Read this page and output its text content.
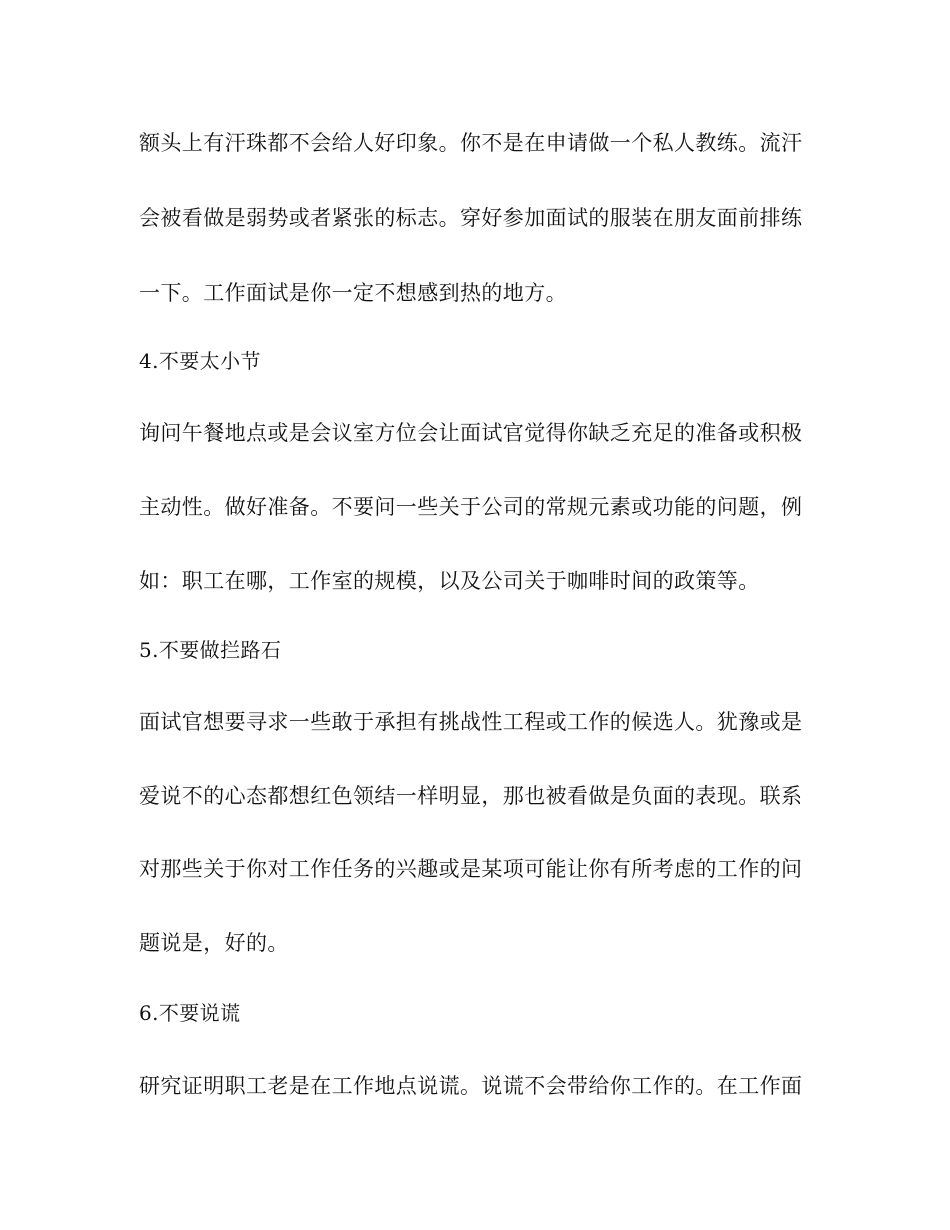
额头上有汗珠都不会给人好印象。你不是在申请做一个私人教练。流汗
会被看做是弱势或者紧张的标志。穿好参加面试的服装在朋友面前排练
一下。工作面试是你一定不想感到热的地方。
4.不要太小节
询问午餐地点或是会议室方位会让面试官觉得你缺乏充足的准备或积极
主动性。做好准备。不要问一些关于公司的常规元素或功能的问题，例
如：职工在哪，工作室的规模，以及公司关于咖啡时间的政策等。
5.不要做拦路石
面试官想要寻求一些敢于承担有挑战性工程或工作的候选人。犹豫或是
爱说不的心态都想红色领结一样明显，那也被看做是负面的表现。联系
对那些关于你对工作任务的兴趣或是某项可能让你有所考虑的工作的问
题说是，好的。
6.不要说谎
研究证明职工老是在工作地点说谎。说谎不会带给你工作的。在工作面
